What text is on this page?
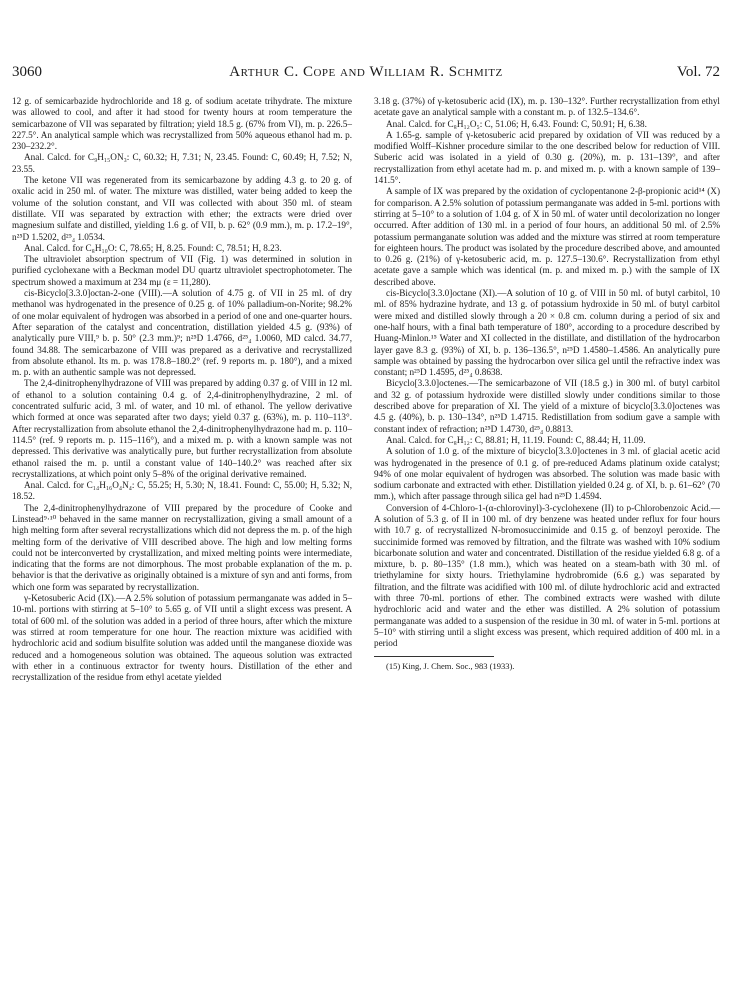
3060	Arthur C. Cope and William R. Schmitz	Vol. 72

12 g. of semicarbazide hydrochloride and 18 g. of sodium acetate trihydrate. The mixture was allowed to cool, and after it had stood for twenty hours at room temperature the semicarbazone of VII was separated by filtration; yield 18.5 g. (67% from VI), m. p. 226.5–227.5°. An analytical sample which was recrystallized from 50% aqueous ethanol had m. p. 230–232.2°.

Anal. Calcd. for C₉H₁₅ON₃: C, 60.32; H, 7.31; N, 23.45. Found: C, 60.49; H, 7.52; N, 23.55.

The ketone VII was regenerated from its semicarbazone by adding 4.3 g. to 20 g. of oxalic acid in 250 ml. of water. The mixture was distilled, water being added to keep the volume of the solution constant, and VII was collected with about 350 ml. of steam distillate. VII was separated by extraction with ether; the extracts were dried over magnesium sulfate and distilled, yielding 1.6 g. of VII, b. p. 62° (0.9 mm.), m. p. 17.2–19°, n²⁵D 1.5202, d²⁵₄ 1.0534.

Anal. Calcd. for C₈H₁₀O: C, 78.65; H, 8.25. Found: C, 78.51; H, 8.23.

The ultraviolet absorption spectrum of VII (Fig. 1) was determined in solution in purified cyclohexane with a Beckman model DU quartz ultraviolet spectrophotometer. The spectrum showed a maximum at 234 mμ (ε = 11,280).

cis-Bicyclo[3.3.0]octan-2-one (VIII).—A solution of 4.75 g. of VII in 25 ml. of dry methanol was hydrogenated in the presence of 0.25 g. of 10% palladium-on-Norite; 98.2% of one molar equivalent of hydrogen was absorbed in a period of one and one-quarter hours. After separation of the catalyst and concentration, distillation yielded 4.5 g. (93%) of analytically pure VIII,⁹ b. p. 50° (2.3 mm.)⁹; n²⁵D 1.4766, d²⁵₄ 1.0060, MD calcd. 34.77, found 34.88. The semicarbazone of VIII was prepared as a derivative and recrystallized from absolute ethanol. Its m. p. was 178.8–180.2° (ref. 9 reports m. p. 180°), and a mixed m. p. with an authentic sample was not depressed.

The 2,4-dinitrophenylhydrazone of VIII was prepared by adding 0.37 g. of VIII in 12 ml. of ethanol to a solution containing 0.4 g. of 2,4-dinitrophenylhydrazine, 2 ml. of concentrated sulfuric acid, 3 ml. of water, and 10 ml. of ethanol. The yellow derivative which formed at once was separated after two days; yield 0.37 g. (63%), m. p. 110–113°. After recrystallization from absolute ethanol the 2,4-dinitrophenylhydrazone had m. p. 110–114.5° (ref. 9 reports m. p. 115–116°), and a mixed m. p. with a known sample was not depressed. This derivative was analytically pure, but further recrystallization from absolute ethanol raised the m. p. until a constant value of 140–140.2° was reached after six recrystallizations, at which point only 5–8% of the original derivative remained.

Anal. Calcd. for C₁₄H₁₆O₄N₄: C, 55.25; H, 5.30; N, 18.41. Found: C, 55.00; H, 5.32; N, 18.52.

The 2,4-dinitrophenylhydrazone of VIII prepared by the procedure of Cooke and Linstead⁹·¹⁰ behaved in the same manner on recrystallization, giving a small amount of a high melting form after several recrystallizations which did not depress the m. p. of the high melting form of the derivative of VIII described above. The high and low melting forms could not be interconverted by crystallization, and mixed melting points were intermediate, indicating that the forms are not dimorphous. The most probable explanation of the m. p. behavior is that the derivative as originally obtained is a mixture of syn and anti forms, from which one form was separated by recrystallization.

γ-Ketosuberic Acid (IX).—A 2.5% solution of potassium permanganate was added in 5–10-ml. portions with stirring at 5–10° to 5.65 g. of VII until a slight excess was present. A total of 600 ml. of the solution was added in a period of three hours, after which the mixture was stirred at room temperature for one hour. The reaction mixture was acidified with hydrochloric acid and sodium bisulfite solution was added until the manganese dioxide was reduced and a homogeneous solution was obtained. The aqueous solution was extracted with ether in a continuous extractor for twenty hours. Distillation of the ether and recrystallization of the residue from ethyl acetate yielded

3.18 g. (37%) of γ-ketosuberic acid (IX), m. p. 130–132°. Further recrystallization from ethyl acetate gave an analytical sample with a constant m. p. of 132.5–134.6°.

Anal. Calcd. for C₈H₁₂O₅: C, 51.06; H, 6.43. Found: C, 50.91; H, 6.38.

A 1.65-g. sample of γ-ketosuberic acid prepared by oxidation of VII was reduced by a modified Wolff–Kishner procedure similar to the one described below for reduction of VIII. Suberic acid was isolated in a yield of 0.30 g. (20%), m. p. 131–139°, and after recrystallization from ethyl acetate had m. p. and mixed m. p. with a known sample of 139–141.5°.

A sample of IX was prepared by the oxidation of cyclopentanone 2-β-propionic acid¹⁴ (X) for comparison. A 2.5% solution of potassium permanganate was added in 5-ml. portions with stirring at 5–10° to a solution of 1.04 g. of X in 50 ml. of water until decolorization no longer occurred. After addition of 130 ml. in a period of four hours, an additional 50 ml. of 2.5% potassium permanganate solution was added and the mixture was stirred at room temperature for eighteen hours. The product was isolated by the procedure described above, and amounted to 0.26 g. (21%) of γ-ketosuberic acid, m. p. 127.5–130.6°. Recrystallization from ethyl acetate gave a sample which was identical (m. p. and mixed m. p.) with the sample of IX described above.

cis-Bicyclo[3.3.0]octane (XI).—A solution of 10 g. of VIII in 50 ml. of butyl carbitol, 10 ml. of 85% hydrazine hydrate, and 13 g. of potassium hydroxide in 50 ml. of butyl carbitol were mixed and distilled slowly through a 20 × 0.8 cm. column during a period of six and one-half hours, with a final bath temperature of 180°, according to a procedure described by Huang-Minlon.¹⁵ Water and XI collected in the distillate, and distillation of the hydrocarbon layer gave 8.3 g. (93%) of XI, b. p. 136–136.5°, n²⁵D 1.4580–1.4586. An analytically pure sample was obtained by passing the hydrocarbon over silica gel until the refractive index was constant; n²⁵D 1.4595, d²⁵₄ 0.8638.

Bicyclo[3.3.0]octenes.—The semicarbazone of VII (18.5 g.) in 300 ml. of butyl carbitol and 32 g. of potassium hydroxide were distilled slowly under conditions similar to those described above for preparation of XI. The yield of a mixture of bicyclo[3.3.0]octenes was 4.5 g. (40%), b. p. 130–134°, n²⁵D 1.4715. Redistillation from sodium gave a sample with constant index of refraction; n²⁵D 1.4730, d²⁵₄ 0.8813.

Anal. Calcd. for C₈H₁₂: C, 88.81; H, 11.19. Found: C, 88.44; H, 11.09.

A solution of 1.0 g. of the mixture of bicyclo[3.3.0]octenes in 3 ml. of glacial acetic acid was hydrogenated in the presence of 0.1 g. of pre-reduced Adams platinum oxide catalyst; 94% of one molar equivalent of hydrogen was absorbed. The solution was made basic with sodium carbonate and extracted with ether. Distillation yielded 0.24 g. of XI, b. p. 61–62° (70 mm.), which after passage through silica gel had n²⁵D 1.4594.

Conversion of 4-Chloro-1-(α-chlorovinyl)-3-cyclohexene (II) to p-Chlorobenzoic Acid.—A solution of 5.3 g. of II in 100 ml. of dry benzene was heated under reflux for four hours with 10.7 g. of recrystallized N-bromosuccinimide and 0.15 g. of benzoyl peroxide. The succinimide formed was removed by filtration, and the filtrate was washed with 10% sodium bicarbonate solution and water and concentrated. Distillation of the residue yielded 6.8 g. of a mixture, b. p. 80–135° (1.8 mm.), which was heated on a steam-bath with 30 ml. of triethylamine for sixty hours. Triethylamine hydrobromide (6.6 g.) was separated by filtration, and the filtrate was acidified with 100 ml. of dilute hydrochloric acid and extracted with three 70-ml. portions of ether. The combined extracts were washed with dilute hydrochloric acid and water and the ether was distilled. A 2% solution of potassium permanganate was added to a suspension of the residue in 30 ml. of water in 5-ml. portions at 5–10° with stirring until a slight excess was present, which required addition of 400 ml. in a period

(15) King, J. Chem. Soc., 983 (1933).
